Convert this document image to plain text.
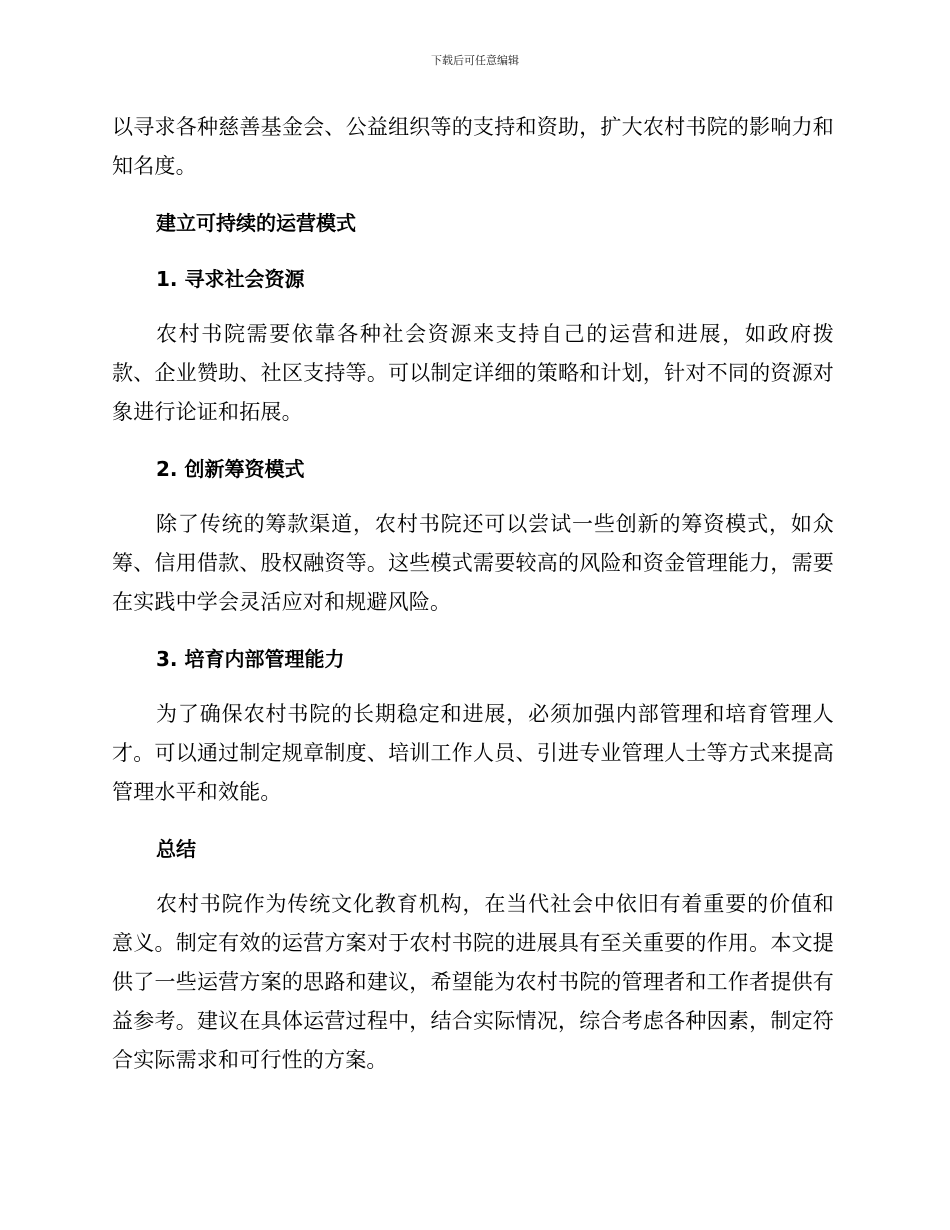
下载后可任意编辑

以寻求各种慈善基金会、公益组织等的支持和资助，扩大农村书院的影响力和知名度。

建立可持续的运营模式
1. 寻求社会资源

农村书院需要依靠各种社会资源来支持自己的运营和进展，如政府拨款、企业赞助、社区支持等。可以制定详细的策略和计划，针对不同的资源对象进行论证和拓展。

2. 创新筹资模式

除了传统的筹款渠道，农村书院还可以尝试一些创新的筹资模式，如众筹、信用借款、股权融资等。这些模式需要较高的风险和资金管理能力，需要在实践中学会灵活应对和规避风险。

3. 培育内部管理能力

为了确保农村书院的长期稳定和进展，必须加强内部管理和培育管理人才。可以通过制定规章制度、培训工作人员、引进专业管理人士等方式来提高管理水平和效能。

总结

农村书院作为传统文化教育机构，在当代社会中依旧有着重要的价值和意义。制定有效的运营方案对于农村书院的进展具有至关重要的作用。本文提供了一些运营方案的思路和建议，希望能为农村书院的管理者和工作者提供有益参考。建议在具体运营过程中，结合实际情况，综合考虑各种因素，制定符合实际需求和可行性的方案。
